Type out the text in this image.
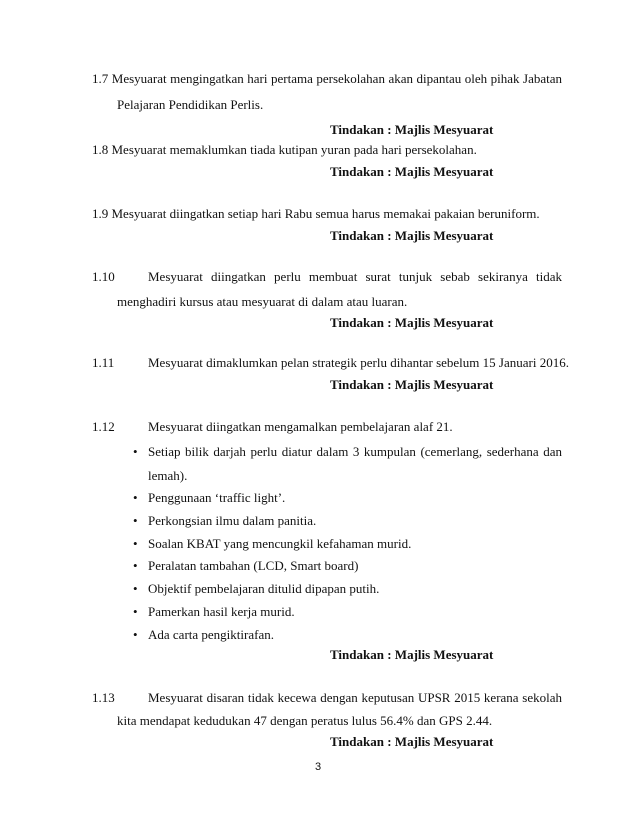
1.7 Mesyuarat mengingatkan hari pertama persekolahan akan dipantau oleh pihak Jabatan
Pelajaran Pendidikan Perlis.
Tindakan : Majlis Mesyuarat
1.8 Mesyuarat memaklumkan tiada kutipan yuran pada hari persekolahan.
Tindakan : Majlis Mesyuarat
1.9 Mesyuarat diingatkan setiap hari Rabu semua harus memakai pakaian beruniform.
Tindakan : Majlis Mesyuarat
1.10	Mesyuarat diingatkan perlu membuat surat tunjuk sebab sekiranya tidak
menghadiri kursus atau mesyuarat di dalam atau luaran.
Tindakan : Majlis Mesyuarat
1.11	Mesyuarat dimaklumkan pelan strategik perlu dihantar sebelum 15 Januari 2016.
Tindakan : Majlis Mesyuarat
1.12	Mesyuarat diingatkan mengamalkan pembelajaran alaf 21.
• Setiap bilik darjah perlu diatur dalam 3 kumpulan (cemerlang, sederhana dan
lemah).
• Penggunaan ‘traffic light’.
• Perkongsian ilmu dalam panitia.
• Soalan KBAT yang mencungkil kefahaman murid.
• Peralatan tambahan (LCD, Smart board)
• Objektif pembelajaran ditulid dipapan putih.
• Pamerkan hasil kerja murid.
• Ada carta pengiktirafan.
Tindakan : Majlis Mesyuarat
1.13	Mesyuarat disaran tidak kecewa dengan keputusan UPSR 2015 kerana sekolah
kita mendapat kedudukan 47 dengan peratus lulus 56.4% dan GPS 2.44.
Tindakan : Majlis Mesyuarat
3
